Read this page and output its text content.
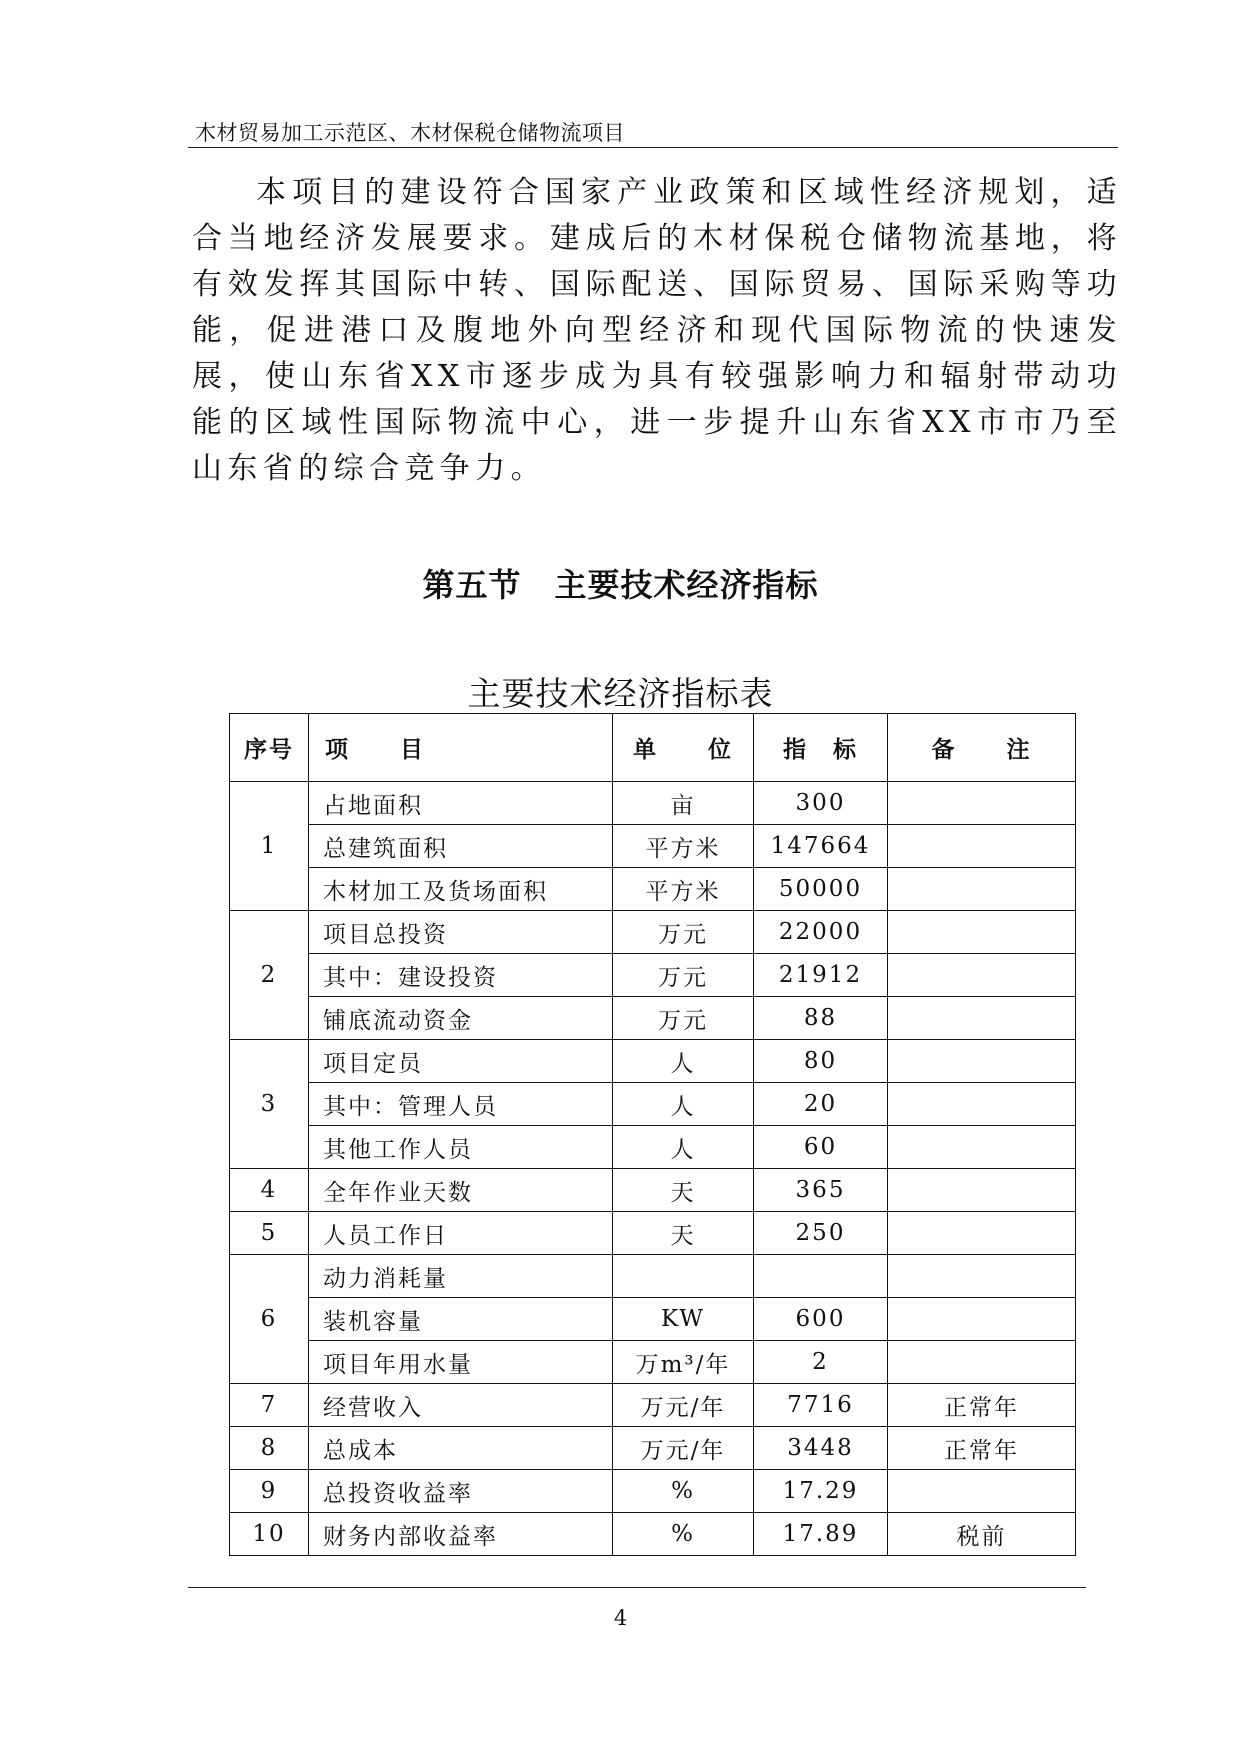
木材贸易加工示范区、木材保税仓储物流项目

本项目的建设符合国家产业政策和区域性经济规划，适合当地经济发展要求。建成后的木材保税仓储物流基地，将有效发挥其国际中转、国际配送、国际贸易、国际采购等功能，促进港口及腹地外向型经济和现代国际物流的快速发展，使山东省XX市逐步成为具有较强影响力和辐射带动功能的区域性国际物流中心，进一步提升山东省XX市市乃至山东省的综合竞争力。

第五节　主要技术经济指标
主要技术经济指标表
序号	项　　目	单　　位	指　标	备　　注
1	占地面积	亩	300	
	总建筑面积	平方米	147664	
	木材加工及货场面积	平方米	50000	
2	项目总投资	万元	22000	
	其中：建设投资	万元	21912	
	铺底流动资金	万元	88	
3	项目定员	人	80	
	其中：管理人员	人	20	
	其他工作人员	人	60	
4	全年作业天数	天	365	
5	人员工作日	天	250	
6	动力消耗量			
	装机容量	KW	600	
	项目年用水量	万m³/年	2	
7	经营收入	万元/年	7716	正常年
8	总成本	万元/年	3448	正常年
9	总投资收益率	%	17.29	
10	财务内部收益率	%	17.89	税前
4
